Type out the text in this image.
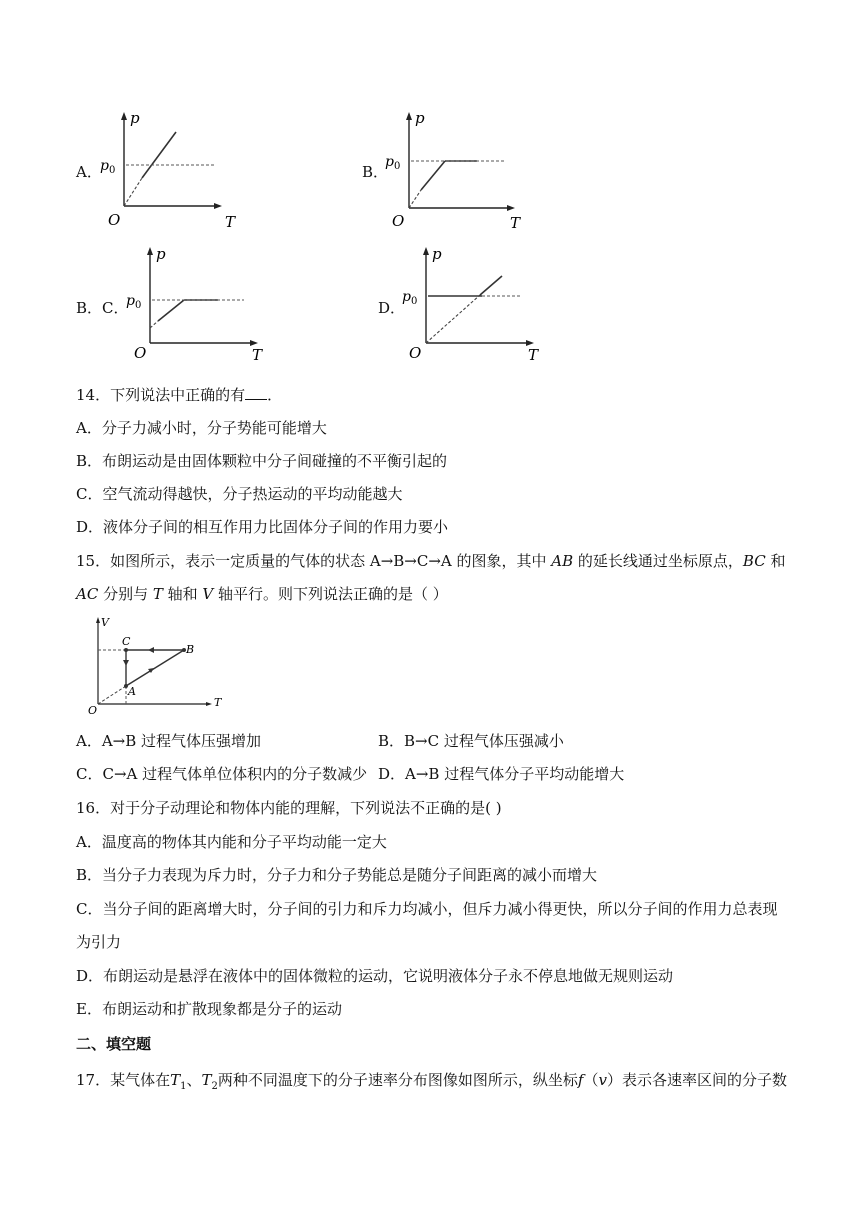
A．
p
T
O
$p_0$	B．
p
T
O
$p_0$
B．C．
p
T
O
$p_0$	D．
p
T
O
$p_0$
14．下列说法中正确的有 ．
A．分子力减小时，分子势能可能增大
B．布朗运动是由固体颗粒中分子间碰撞的不平衡引起的
C．空气流动得越快，分子热运动的平均动能越大
D．液体分子间的相互作用力比固体分子间的作用力要小
15．如图所示，表示一定质量的气体的状态 A→B→C→A 的图象，其中 AB 的延长线通过坐标原点，BC 和
AC 分别与 T 轴和 V 轴平行。则下列说法正确的是（ ）
V
T
O
A
B
C
A．A→B 过程气体压强增加	B．B→C 过程气体压强减小
C．C→A 过程气体单位体积内的分子数减少 D．A→B 过程气体分子平均动能增大
16．对于分子动理论和物体内能的理解，下列说法不正确的是( )
A．温度高的物体其内能和分子平均动能一定大
B．当分子力表现为斥力时，分子力和分子势能总是随分子间距离的减小而增大
C．当分子间的距离增大时，分子间的引力和斥力均减小，但斥力减小得更快，所以分子间的作用力总表现
为引力
D．布朗运动是悬浮在液体中的固体微粒的运动，它说明液体分子永不停息地做无规则运动
E．布朗运动和扩散现象都是分子的运动
二、填空题
17．某气体在$T_1$、$T_2$两种不同温度下的分子速率分布图像如图所示，纵坐标f（v）表示各速率区间的分子数
